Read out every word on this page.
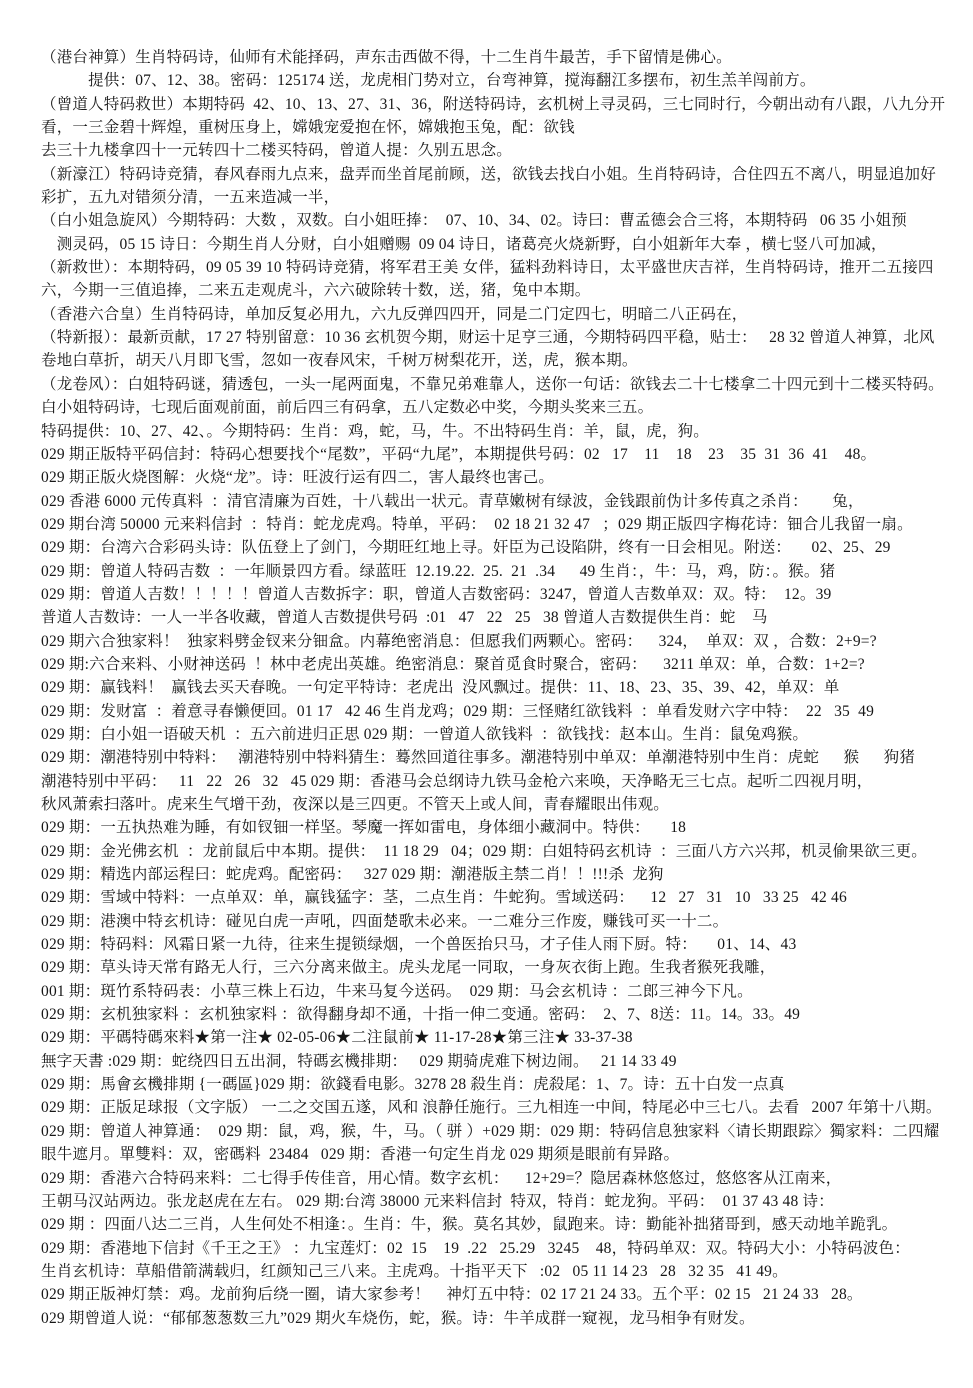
（港台神算）生肖特码诗，仙师有术能择码，声东击西做不得，十二生肖牛最苦，手下留情是佛心。
　　　提供：07、12、38。密码：125174 送，龙虎相门势对立，台弯神算，搅海翻江多摆布，初生羔羊闯前方。
（曾道人特码救世）本期特码  42、10、13、27、31、36，附送特码诗，玄机树上寻灵码，三七同时行，今朝出动有八跟，八九分开
看，一三金碧十辉煌，重树压身上，嫦娥宠爱抱在怀，嫦娥抱玉兔，配：欲钱
去三十九楼拿四十一元转四十二楼买特码，曾道人提：久别五思念。
（新濠江）特码诗竞猜，春风春雨九点来，盘弄而坐首尾前顾，送，欲钱去找白小姐。生肖特码诗，合住四五不离八，明显追加好
彩扩，五九对错须分清，一五来造减一半，
（白小姐急旋风）今期特码：大数 ，双数。白小姐旺捧：  07、10、34、02。诗曰：曹孟德会合三将，本期特码   06 35 小姐预
　测灵码，05 15 诗日：今期生肖人分财，白小姐赠赐  09 04 诗日，诸葛亮火烧新野，白小姐新年大奉 ，横七竖八可加减，
（新救世）：本期特码，09 05 39 10 特码诗竞猜，将军君王美 女伴，猛料劲料诗日，太平盛世庆吉祥，生肖特码诗，推开二五接四
六，今期一三值追捧，二来五走观虎斗，六六破除转十数，送，猪，兔中本期。
（香港六合皇）生肖特码诗，单加反复必用九，六九反弹四四开，同是二门定四七，明暗二八正码在，
（特新报）：最新贡献，17 27 特别留意：10 36 玄机贺今期，财运十足亨三通，今期特码四平稳，贴士：   28 32 曾道人神算，北风
卷地白草折，胡天八月即飞雪，忽如一夜春风宋，千树万树梨花开，送，虎，猴本期。
（龙卷风）：白姐特码谜，猜透包，一头一尾两面鬼，不靠兄弟难靠人，送你一句话：欲钱去二十七楼拿二十四元到十二楼买特码。
白小姐特码诗，七现后面观前面，前后四三有码拿，五八定数必中奖，今期头奖来三五。
特码提供：10、27、42、。今期特码：生肖：鸡，蛇，马，牛。不出特码生肖：羊，鼠，虎，狗。
029 期正版特平码信封：特码心想要找个“尾数”，平码“九尾”，本期提供号码：02   17    11    18    23    35  31  36  41    48。
029 期正版火烧图解：火烧“龙”。诗：旺波行运有四二，害人最终也害己。
029 香港 6000 元传真料  ：清官清廉为百姓，十八载出一状元。青草嫩树有绿波，金钱跟前伪计多传真之杀肖：      兔，
029 期台湾 50000 元来料信封  ：特肖：蛇龙虎鸡。特单，平码：  02 18 21 32 47   ；029 期正版四字梅花诗：钿合儿我留一扇。
029 期：台湾六合彩码头诗：队伍登上了剑门，今期旺红地上寻。奸臣为己设陷阱，终有一日会相见。附送：     02、25、29
029 期：曾道人特码吉数  ：一年顺景四方看。绿蓝旺  12.19.22.  25.  21  .34      49 生肖：，牛：马，鸡，防：。猴。猪
029 期：曾道人吉数！！！！！曾道人吉数拆字：职，曾道人吉数密码：3247，曾道人吉数单双：双。特：  12。39
普道人吉数诗：一人一半各收藏，曾道人吉数提供号码  :01   47   22   25   38 曾道人吉数提供生肖：蛇    马
029 期六合独家料！  独家料劈金钗来分钿盒。内幕绝密消息：但愿我们两颗心。密码：    324，  单双：双 ，合数：2+9=?
029 期:六合来料、小财神送码  ！林中老虎出英雄。绝密消息：聚首觅食时聚合，密码：    3211 单双：单，合数：1+2=?
029 期：赢钱料！  赢钱去买天春晚。一句定平特诗：老虎出  没风飘过。提供：11、18、23、35、39、42，单双：单
029 期：发财富  ：着意寻春懒便回。01 17   42 46 生肖龙鸡；029 期：三怪赌红欲钱料  ：单看发财六字中特：  22   35  49
029 期：白小姐一语破天机  ：五六前进归正思 029 期：一曾道人欲钱料  ：欲钱找：赵本山。生肖：鼠兔鸡猴。
029 期：潮港特别中特料：   潮港特别中特料猜生：蓦然回道往事多。潮港特别中单双：单潮港特别中生肖：虎蛇      猴      狗猪
潮港特别中平码：   11   22   26   32   45 029 期：香港马会总纲诗九铁马金枪六来唤，天净略无三七点。起听二四视月明，
秋风萧索扫落叶。虎来生气增干劲，夜深以是三四更。不管天上或人间，青春耀眼出伟观。
029 期：一五执热难为睡，有如钗钿一样坚。琴魔一挥如雷电，身体细小藏洞中。特供：     18
029 期：金光佛玄机  ：龙前鼠后中本期。提供：  11 18 29   04；029 期：白姐特码玄机诗  ：三面八方六兴邦，机灵偷果欲三更。
029 期：精选内部运程曰：蛇虎鸡。配密码：   327 029 期：潮港版主禁二肖！！!!!杀  龙狗
029 期：雪域中特料：一点单双：单，赢钱猛字：茎，二点生肖：牛蛇狗。雪域送码：    12   27   31   10   33 25   42 46
029 期：港澳中特玄机诗：碰见白虎一声吼，四面楚歌未必来。一二难分三作废，赚钱可买一十二。
029 期：特码料：风霜日紧一九待，往来生提锁绿烟，一个兽医抬只马，才子佳人雨下厨。特：     01、14、43
029 期：草头诗天常有路无人行，三六分离来做主。虎头龙尾一同取，一身灰衣街上跑。生我者猴死我雕，
001 期：斑竹系特码表：小草三株上石边，牛来马复今送码。  029 期：马会玄机诗 ：二郎三神今下凡。
029 期：玄机独家料 ：玄机独家料 ：欲得翻身却不通，十指一伸二变通。密码：  2、7、8送：11。14。33。49
029 期：平碼特碼來料★第一注★ 02-05-06★二注鼠前★ 11-17-28★第三注★ 33-37-38
無字天書 :029 期：蛇绕四日五出洞，特碼玄機排期：   029 期骑虎难下树边闹。   21 14 33 49
029 期：馬會玄機排期 {一碼區}029 期：欲錢看电影。3278 28 殺生肖：虎殺尾：1、7。诗：五十白发一点真
029 期：正版足球报（文字版） 一二之交国五遂，风和 浪静任施行。三九相连一中间，特尾必中三七八。去看   2007 年第十八期。
029 期：曾道人神算通：  029 期：鼠，鸡，猴，牛，马。（ 骈 ）+029 期：029 期：特码信息独家料〈请长期跟踪〉獨家料：二四耀
眼牛遮月。單雙料：双，密碼料  23484   029 期：香港一句定生肖龙 029 期须是眼前有异路。
029 期：香港六合特码来料：二七得手传佳音，用心情。数字玄机：    12+29=？隐居森林悠悠过，悠悠客从江南来，
王朝马汉站两边。张龙赵虎在左右。 029 期:台湾 38000 元来料信封  特双，特肖：蛇龙狗。平码：  01 37 43 48 诗：
029 期 ：四面八达二三肖，人生何处不相逢：。生肖：牛，猴。莫名其妙，鼠跑来。诗：勤能补拙猪哥到，感天动地羊跪乳。
029 期：香港地下信封《千王之王》 ：九宝莲灯：02  15    19  .22   25.29   3245    48，特码单双：双。特码大小：小特码波色：
生肖玄机诗：草船借箭满载归，红颜知己三八来。主虎鸡。十指平天下   :02   05 11 14 23   28   32 35   41 49。
029 期正版神灯禁：鸡。龙前狗后绕一圈，请大家参考！    神灯五中特：02 17 21 24 33。五个平：02 15   21 24 33   28。
029 期曾道人说：“郁郁葱葱数三九”029 期火车烧伤，蛇，猴。诗：牛羊成群一窥视，龙马相争有财发。
